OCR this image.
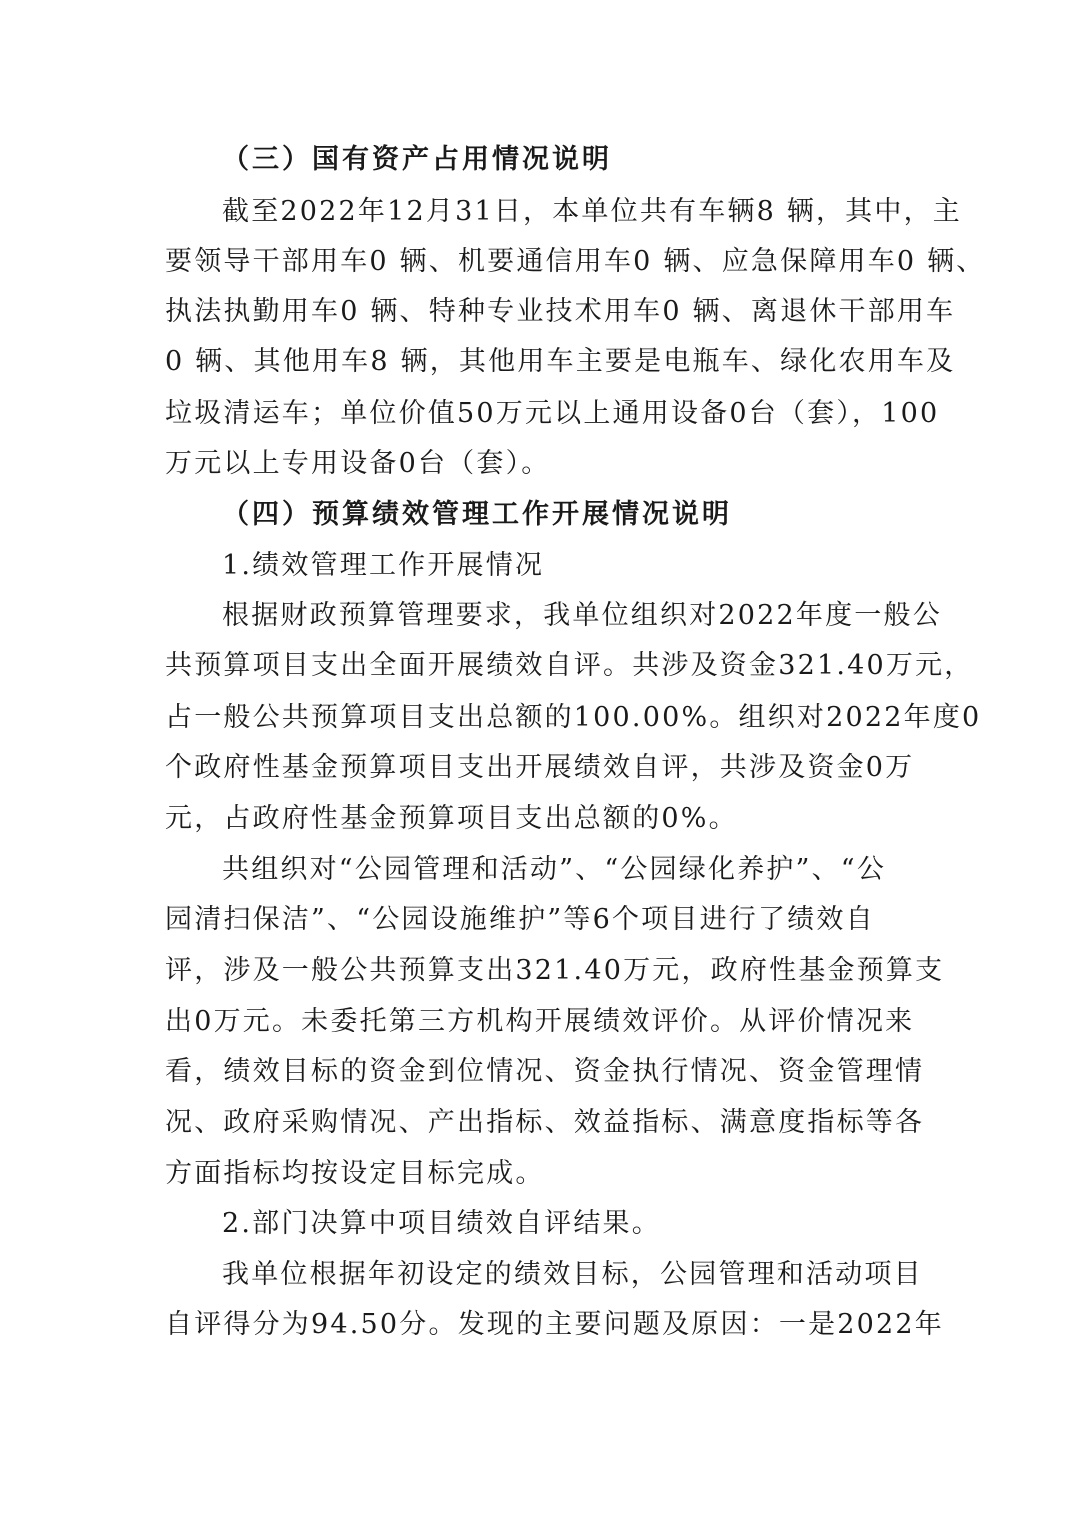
（三）国有资产占用情况说明
截至2022年12月31日，本单位共有车辆8 辆，其中，主
要领导干部用车0 辆、机要通信用车0 辆、应急保障用车0 辆、
执法执勤用车0 辆、特种专业技术用车0 辆、离退休干部用车
0 辆、其他用车8 辆，其他用车主要是电瓶车、绿化农用车及
垃圾清运车；单位价值50万元以上通用设备0台（套），100
万元以上专用设备0台（套）。
（四）预算绩效管理工作开展情况说明
1.绩效管理工作开展情况
根据财政预算管理要求，我单位组织对2022年度一般公
共预算项目支出全面开展绩效自评。共涉及资金321.40万元，
占一般公共预算项目支出总额的100.00%。组织对2022年度0
个政府性基金预算项目支出开展绩效自评，共涉及资金0万
元，占政府性基金预算项目支出总额的0%。
共组织对“公园管理和活动”、“公园绿化养护”、“公
园清扫保洁”、“公园设施维护”等6个项目进行了绩效自
评，涉及一般公共预算支出321.40万元，政府性基金预算支
出0万元。未委托第三方机构开展绩效评价。从评价情况来
看，绩效目标的资金到位情况、资金执行情况、资金管理情
况、政府采购情况、产出指标、效益指标、满意度指标等各
方面指标均按设定目标完成。
2.部门决算中项目绩效自评结果。
我单位根据年初设定的绩效目标，公园管理和活动项目
自评得分为94.50分。发现的主要问题及原因：一是2022年
